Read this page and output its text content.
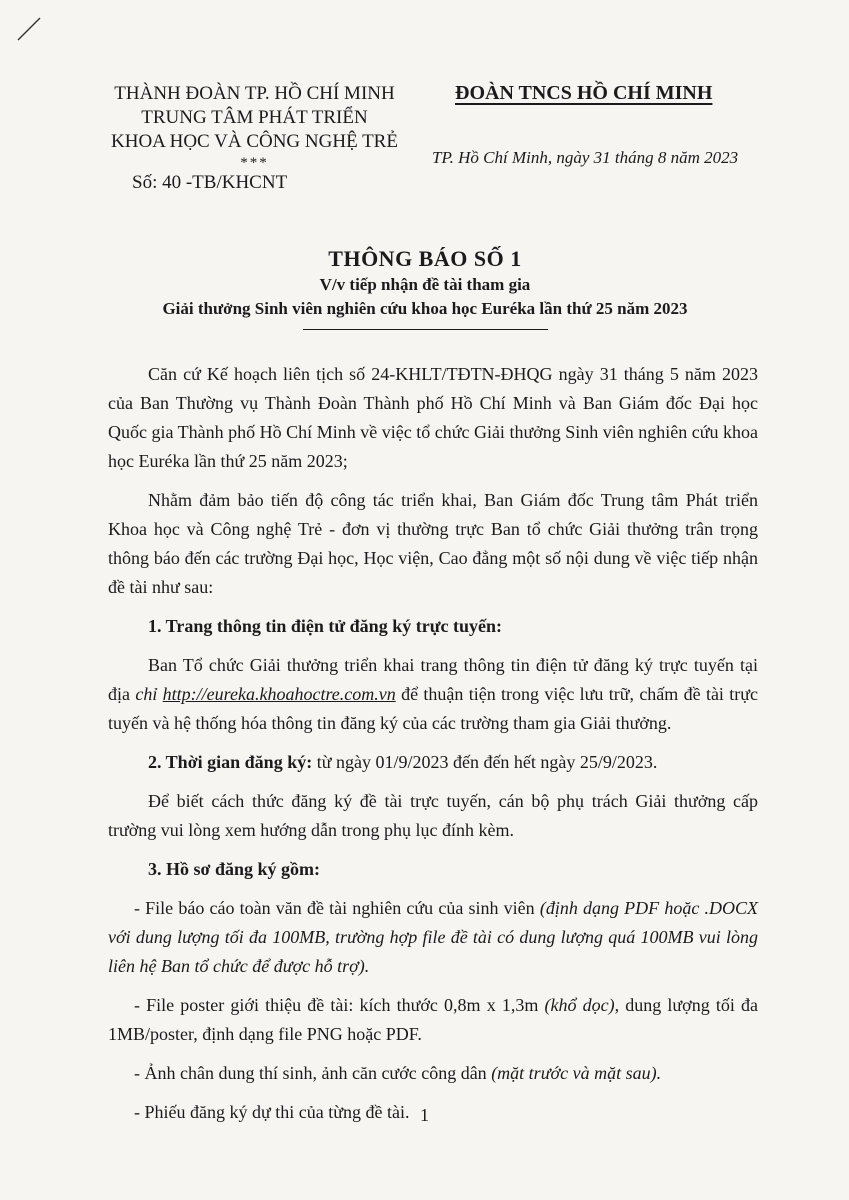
THÀNH ĐOÀN TP. HỒ CHÍ MINH
TRUNG TÂM PHÁT TRIỂN
KHOA HỌC VÀ CÔNG NGHỆ TRẺ
***
Số: 40 -TB/KHCNT
ĐOÀN TNCS HỒ CHÍ MINH
TP. Hồ Chí Minh, ngày 31 tháng 8 năm 2023
THÔNG BÁO SỐ 1
V/v tiếp nhận đề tài tham gia
Giải thưởng Sinh viên nghiên cứu khoa học Euréka lần thứ 25 năm 2023

Căn cứ Kế hoạch liên tịch số 24-KHLT/TĐTN-ĐHQG ngày 31 tháng 5 năm 2023 của Ban Thường vụ Thành Đoàn Thành phố Hồ Chí Minh và Ban Giám đốc Đại học Quốc gia Thành phố Hồ Chí Minh về việc tổ chức Giải thưởng Sinh viên nghiên cứu khoa học Euréka lần thứ 25 năm 2023;

Nhằm đảm bảo tiến độ công tác triển khai, Ban Giám đốc Trung tâm Phát triển Khoa học và Công nghệ Trẻ - đơn vị thường trực Ban tổ chức Giải thưởng trân trọng thông báo đến các trường Đại học, Học viện, Cao đẳng một số nội dung về việc tiếp nhận đề tài như sau:

1. Trang thông tin điện tử đăng ký trực tuyến:

Ban Tổ chức Giải thưởng triển khai trang thông tin điện tử đăng ký trực tuyến tại địa chỉ http://eureka.khoahoctre.com.vn để thuận tiện trong việc lưu trữ, chấm đề tài trực tuyến và hệ thống hóa thông tin đăng ký của các trường tham gia Giải thưởng.

2. Thời gian đăng ký: từ ngày 01/9/2023 đến đến hết ngày 25/9/2023.

Để biết cách thức đăng ký đề tài trực tuyến, cán bộ phụ trách Giải thưởng cấp trường vui lòng xem hướng dẫn trong phụ lục đính kèm.

3. Hồ sơ đăng ký gồm:

- File báo cáo toàn văn đề tài nghiên cứu của sinh viên (định dạng PDF hoặc .DOCX với dung lượng tối đa 100MB, trường hợp file đề tài có dung lượng quá 100MB vui lòng liên hệ Ban tổ chức để được hỗ trợ).

- File poster giới thiệu đề tài: kích thước 0,8m x 1,3m (khổ dọc), dung lượng tối đa 1MB/poster, định dạng file PNG hoặc PDF.

- Ảnh chân dung thí sinh, ảnh căn cước công dân (mặt trước và mặt sau).

- Phiếu đăng ký dự thi của từng đề tài. 1
